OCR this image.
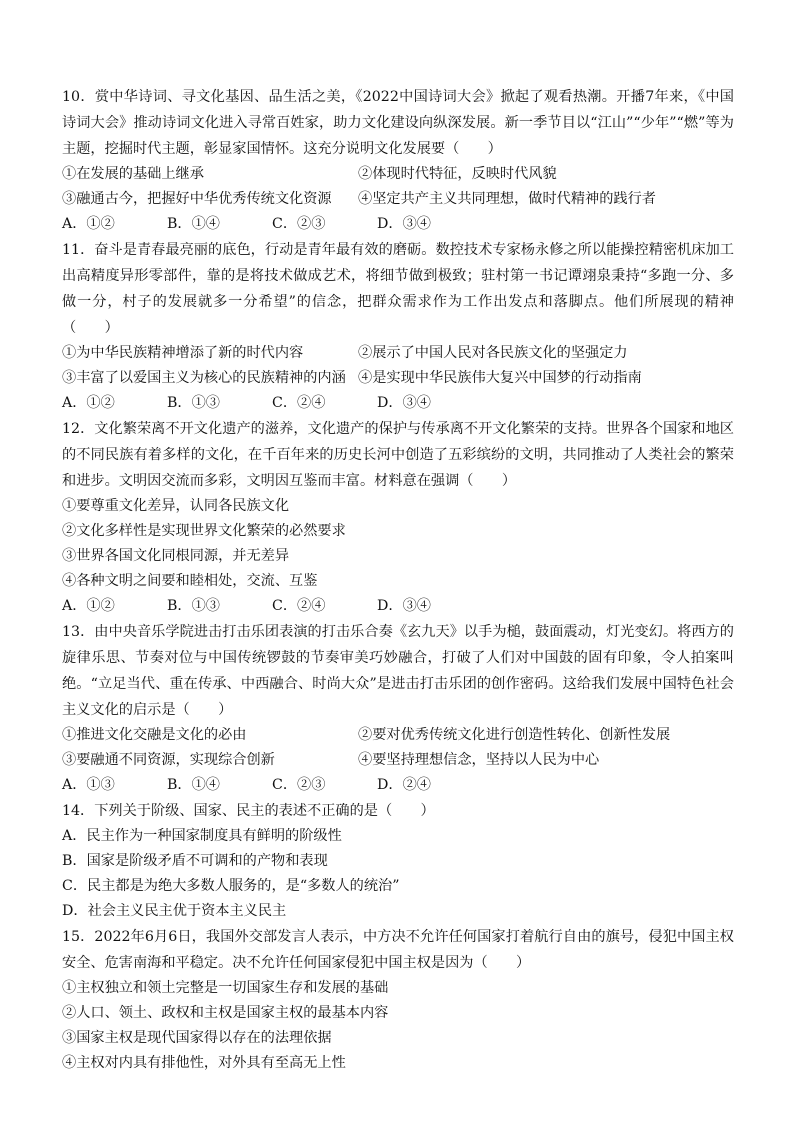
10．赏中华诗词、寻文化基因、品生活之美，《2022中国诗词大会》掀起了观看热潮。开播7年来，《中国诗词大会》推动诗词文化进入寻常百姓家，助力文化建设向纵深发展。新一季节目以“江山”“少年”“燃”等为主题，挖掘时代主题，彰显家国情怀。这充分说明文化发展要（　　）

①在发展的基础上继承	②体现时代特征，反映时代风貌
③融通古今，把握好中华优秀传统文化资源	④坚定共产主义共同理想，做时代精神的践行者
A．①②	B．①④	C．②③	D．③④

11．奋斗是青春最亮丽的底色，行动是青年最有效的磨砺。数控技术专家杨永修之所以能操控精密机床加工出高精度异形零部件，靠的是将技术做成艺术，将细节做到极致；驻村第一书记谭翊泉秉持“多跑一分、多做一分，村子的发展就多一分希望”的信念，把群众需求作为工作出发点和落脚点。他们所展现的精神（　　）

①为中华民族精神增添了新的时代内容	②展示了中国人民对各民族文化的坚强定力
③丰富了以爱国主义为核心的民族精神的内涵 ④是实现中华民族伟大复兴中国梦的行动指南
A．①②	B．①③	C．②④	D．③④

12．文化繁荣离不开文化遗产的滋养，文化遗产的保护与传承离不开文化繁荣的支持。世界各个国家和地区的不同民族有着多样的文化，在千百年来的历史长河中创造了五彩缤纷的文明，共同推动了人类社会的繁荣和进步。文明因交流而多彩，文明因互鉴而丰富。材料意在强调（　　）

①要尊重文化差异，认同各民族文化
②文化多样性是实现世界文化繁荣的必然要求
③世界各国文化同根同源，并无差异
④各种文明之间要和睦相处，交流、互鉴
A．①②	B．①③	C．②④	D．③④

13．由中央音乐学院进击打击乐团表演的打击乐合奏《玄九天》以手为槌，鼓面震动，灯光变幻。将西方的旋律乐思、节奏对位与中国传统锣鼓的节奏审美巧妙融合，打破了人们对中国鼓的固有印象，令人拍案叫绝。“立足当代、重在传承、中西融合、时尚大众”是进击打击乐团的创作密码。这给我们发展中国特色社会主义文化的启示是（　　）

①推进文化交融是文化的必由	②要对优秀传统文化进行创造性转化、创新性发展
③要融通不同资源，实现综合创新	④要坚持理想信念，坚持以人民为中心
A．①③	B．①④	C．②③	D．②④

14．下列关于阶级、国家、民主的表述不正确的是（　　）

A．民主作为一种国家制度具有鲜明的阶级性
B．国家是阶级矛盾不可调和的产物和表现
C．民主都是为绝大多数人服务的，是“多数人的统治”
D．社会主义民主优于资本主义民主

15．2022年6月6日，我国外交部发言人表示，中方决不允许任何国家打着航行自由的旗号，侵犯中国主权安全、危害南海和平稳定。决不允许任何国家侵犯中国主权是因为（　　）

①主权独立和领土完整是一切国家生存和发展的基础
②人口、领土、政权和主权是国家主权的最基本内容
③国家主权是现代国家得以存在的法理依据
④主权对内具有排他性，对外具有至高无上性
